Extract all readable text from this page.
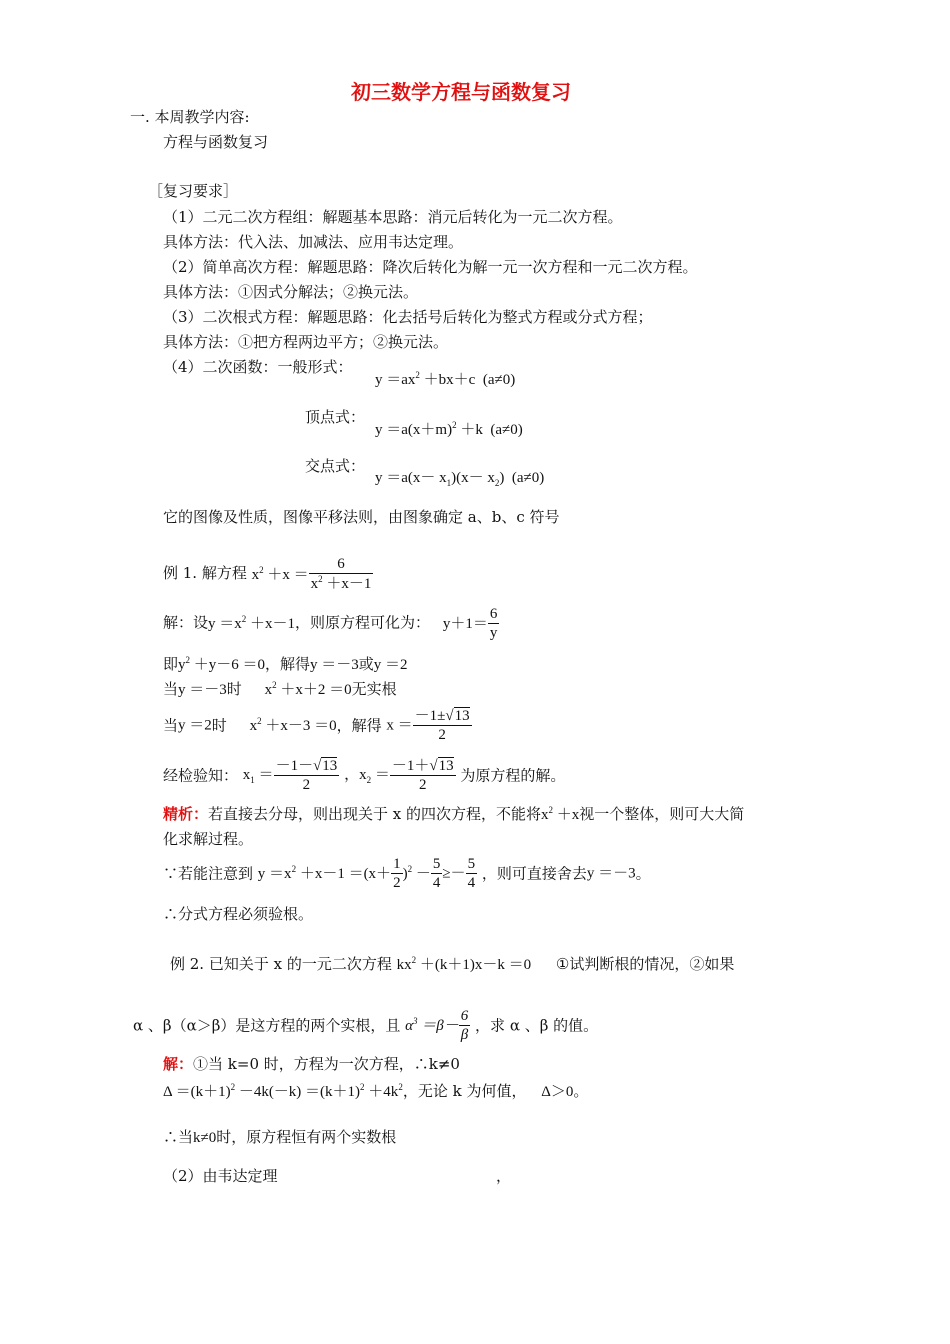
初三数学方程与函数复习
一. 本周教学内容:
方程与函数复习
［复习要求］
（1）二元二次方程组：解题基本思路：消元后转化为一元二次方程。
具体方法：代入法、加减法、应用韦达定理。
（2）简单高次方程：解题思路：降次后转化为解一元一次方程和一元二次方程。
具体方法：①因式分解法；②换元法。
（3）二次根式方程：解题思路：化去括号后转化为整式方程或分式方程；
具体方法：①把方程两边平方；②换元法。
（4）二次函数：一般形式：
$y =ax^2 +bx+c$  (a≠0)
顶点式：
$y =a(x+m)^2 +k$  (a≠0)
交点式：
$y =a(x- x_1)(x- x_2)$  (a≠0)
它的图像及性质，图像平移法则，由图象确定 a、b、c 符号
例 1. 解方程 $x^2 +x = \frac{6}{x^2 +x-1}$
解：设$y =x^2 +x-1$，则原方程可化为： $y+1= \frac{6}{y}$
即$y^2 +y-6 =0$，解得y ＝－3或y ＝2
当y ＝－3时 $x^2 +x+2 =0$无实根
当y ＝2时 $x^2 +x-3 =0$，解得 $x = \frac{-1\pm√13}{2}$
经检验知： $x_1 = \frac{-1-√13}{2}$ ，$x_2 = \frac{-1+√13}{2}$ 为原方程的解。
精析：若直接去分母，则出现关于 x 的四次方程，不能将$x^2 +x$视一个整体，则可大大简
化求解过程。
∵若能注意到 $y =x^2 +x-1 =(x+ \frac{1}{2} )^2 - \frac{5}{4} \ge- \frac{5}{4}$ ，则可直接舍去y ＝－3。
∴分式方程必须验根。
例 2. 已知关于 x 的一元二次方程 $kx^2 +(k+1)x-k =0$ ①试判断根的情况，②如果
α 、β（α＞β）是这方程的两个实根，且 $\alpha^3 =\beta- \frac{6}{\beta}$ ，求 α 、β 的值。
解：①当 k=0 时，方程为一次方程，∴k≠0
$\Delta =(k+1)^2 -4k(-k) =(k+1)^2 +4k^2$，无论 k 为何值， Δ＞0。
∴当k≠0时，原方程恒有两个实数根
（2）由韦达定理	，
